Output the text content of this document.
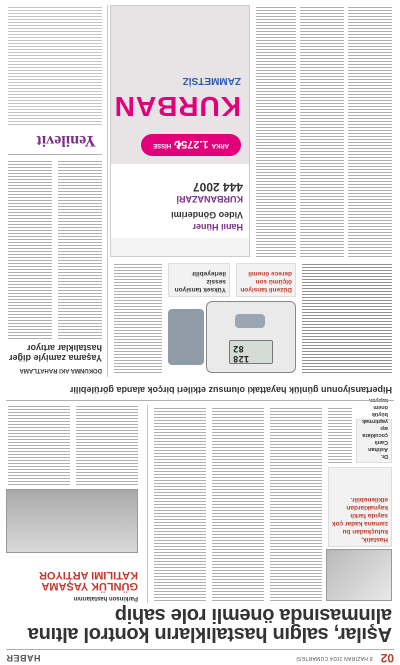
02
8 HAZİRAN 2024 CUMARTESİ
HABER
Aşılar, salgın hastalıkların kontrol altına alınmasında önemli role sahip
Hastalık, kuluçkadan bu zamana kadar çok sayıda farklı kaynaklardan etkilenebilir.
Dr. Aslıhan Canlı çocuklara aşı yaptırmak büyük önem
Parkinson hastalarının
GÜNLÜK YAŞAMA KATILIMI ARTIYOR
Hipertansiyonun günlük hayattaki olumsuz etkileri birçok alanda görülebilir
128
82
Düzenli tansiyon ölçümü son derece önemli
Yüksek tansiyon sessiz ilerleyebilir
DOKUNMA AKI RAHATLAMA
Yaşama zamiyle diğer hastalıklar artıyor
Hanıi Hüner
Video Gönderimi
KURBANAZARİ
444 2007
ARKA
1.275₺
HİSSE
KURBAN
ZAMMETSİZ
Yenilevit
